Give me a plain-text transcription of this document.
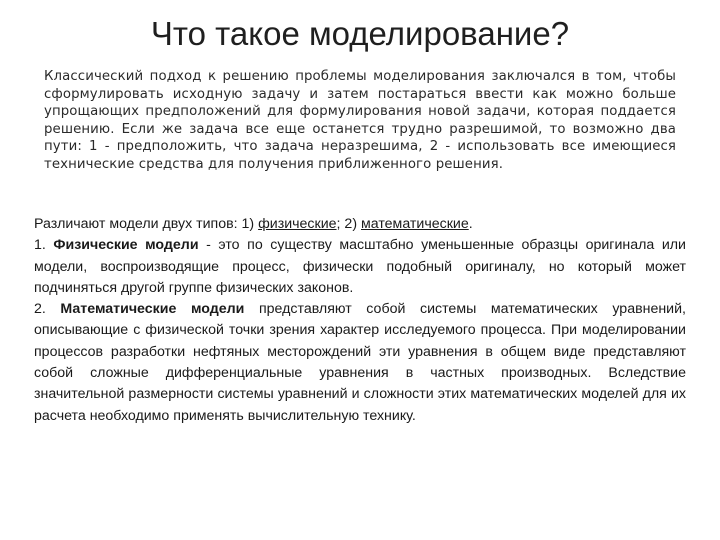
Что такое моделирование?
Классический подход к решению проблемы моделирования заключался в том, чтобы сформулировать исходную задачу и затем постараться ввести как можно больше упрощающих предположений для формулирования новой задачи, которая поддается решению. Если же задача все еще останется трудно разрешимой, то возможно два пути: 1 - предположить, что задача неразрешима, 2 - использовать все имеющиеся технические средства для получения приближенного решения.

Различают модели двух типов: 1) физические; 2) математические.

1. Физические модели - это по существу масштабно уменьшенные образцы оригинала или модели, воспроизводящие процесс, физически подобный оригиналу, но который может подчиняться другой группе физических законов.

2. Математические модели представляют собой системы математических уравнений, описывающие с физической точки зрения характер исследуемого процесса. При моделировании процессов разработки нефтяных месторождений эти уравнения в общем виде представляют собой сложные дифференциальные уравнения в частных производных. Вследствие значительной размерности системы уравнений и сложности этих математических моделей для их расчета необходимо применять вычислительную технику.
